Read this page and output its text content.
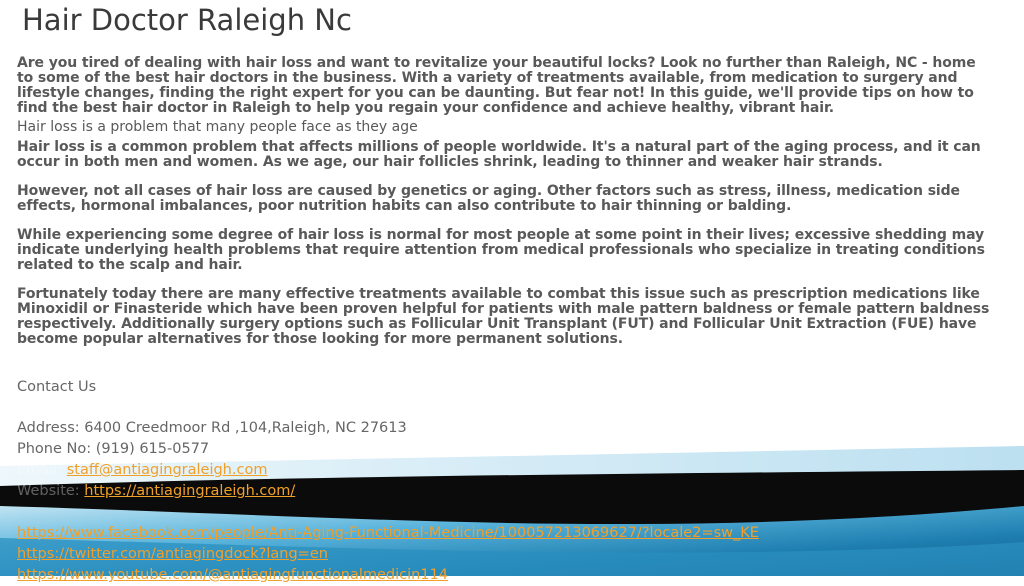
Hair Doctor Raleigh Nc

Are you tired of dealing with hair loss and want to revitalize your beautiful locks? Look no further than Raleigh, NC - home to some of the best hair doctors in the business. With a variety of treatments available, from medication to surgery and lifestyle changes, finding the right expert for you can be daunting. But fear not! In this guide, we'll provide tips on how to find the best hair doctor in Raleigh to help you regain your confidence and achieve healthy, vibrant hair.

Hair loss is a problem that many people face as they age

Hair loss is a common problem that affects millions of people worldwide. It's a natural part of the aging process, and it can occur in both men and women. As we age, our hair follicles shrink, leading to thinner and weaker hair strands.

However, not all cases of hair loss are caused by genetics or aging. Other factors such as stress, illness, medication side effects, hormonal imbalances, poor nutrition habits can also contribute to hair thinning or balding.

While experiencing some degree of hair loss is normal for most people at some point in their lives; excessive shedding may indicate underlying health problems that require attention from medical professionals who specialize in treating conditions related to the scalp and hair.

Fortunately today there are many effective treatments available to combat this issue such as prescription medications like Minoxidil or Finasteride which have been proven helpful for patients with male pattern baldness or female pattern baldness respectively. Additionally surgery options such as Follicular Unit Transplant (FUT) and Follicular Unit Extraction (FUE) have become popular alternatives for those looking for more permanent solutions.

Contact Us
Address: 6400 Creedmoor Rd ,104,Raleigh, NC 27613
Phone No: (919) 615-0577
Email: staff@antiagingraleigh.com
Website: https://antiagingraleigh.com/
https://www.facebook.com/people/Anti-Aging-Functional-Medicine/100057213069627/?locale2=sw_KE
https://twitter.com/antiagingdock?lang=en
https://www.youtube.com/@antiagingfunctionalmedicin114
